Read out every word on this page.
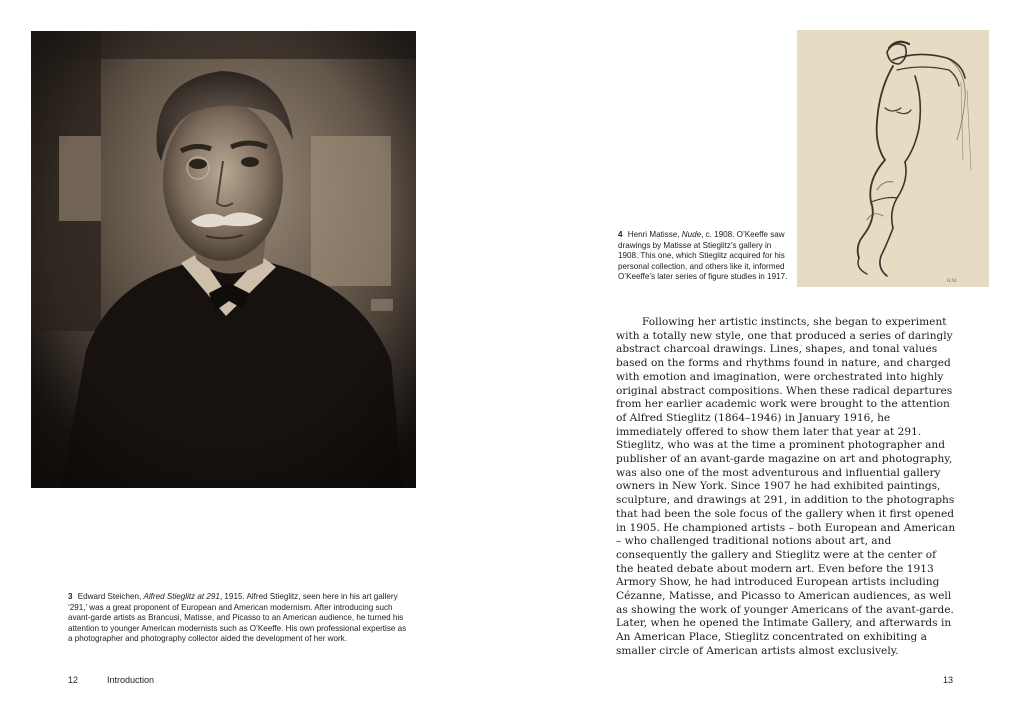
3 Edward Steichen, Alfred Stieglitz at 291, 1915. Alfred Stieglitz, seen here in his art gallery ‘291,’ was a great proponent of European and American modernism. After introducing such avant-garde artists as Brancusi, Matisse, and Picasso to an American audience, he turned his attention to younger American modernists such as O’Keeffe. His own professional expertise as a photographer and photography collector aided the development of her work.
12	Introduction
4 Henri Matisse, Nude, c. 1908. O’Keeffe saw drawings by Matisse at Stieglitz’s gallery in 1908. This one, which Stieglitz acquired for his personal collection, and others like it, informed O’Keeffe’s later series of figure studies in 1917.
H.M.
Following her artistic instincts, she began to experiment with a totally new style, one that produced a series of daringly abstract charcoal drawings. Lines, shapes, and tonal values based on the forms and rhythms found in nature, and charged with emotion and imagination, were orchestrated into highly original abstract compositions. When these radical departures from her earlier academic work were brought to the attention of Alfred Stieglitz (1864–1946) in January 1916, he immediately offered to show them later that year at 291. Stieglitz, who was at the time a prominent photographer and publisher of an avant-garde magazine on art and photography, was also one of the most adventurous and influential gallery owners in New York. Since 1907 he had exhibited paintings, sculpture, and drawings at 291, in addition to the photographs that had been the sole focus of the gallery when it first opened in 1905. He championed artists – both European and American – who challenged traditional notions about art, and consequently the gallery and Stieglitz were at the center of the heated debate about modern art. Even before the 1913 Armory Show, he had introduced European artists including Cézanne, Matisse, and Picasso to American audiences, as well as showing the work of younger Americans of the avant-garde. Later, when he opened the Intimate Gallery, and afterwards in An American Place, Stieglitz concentrated on exhibiting a smaller circle of American artists almost exclusively.
13
